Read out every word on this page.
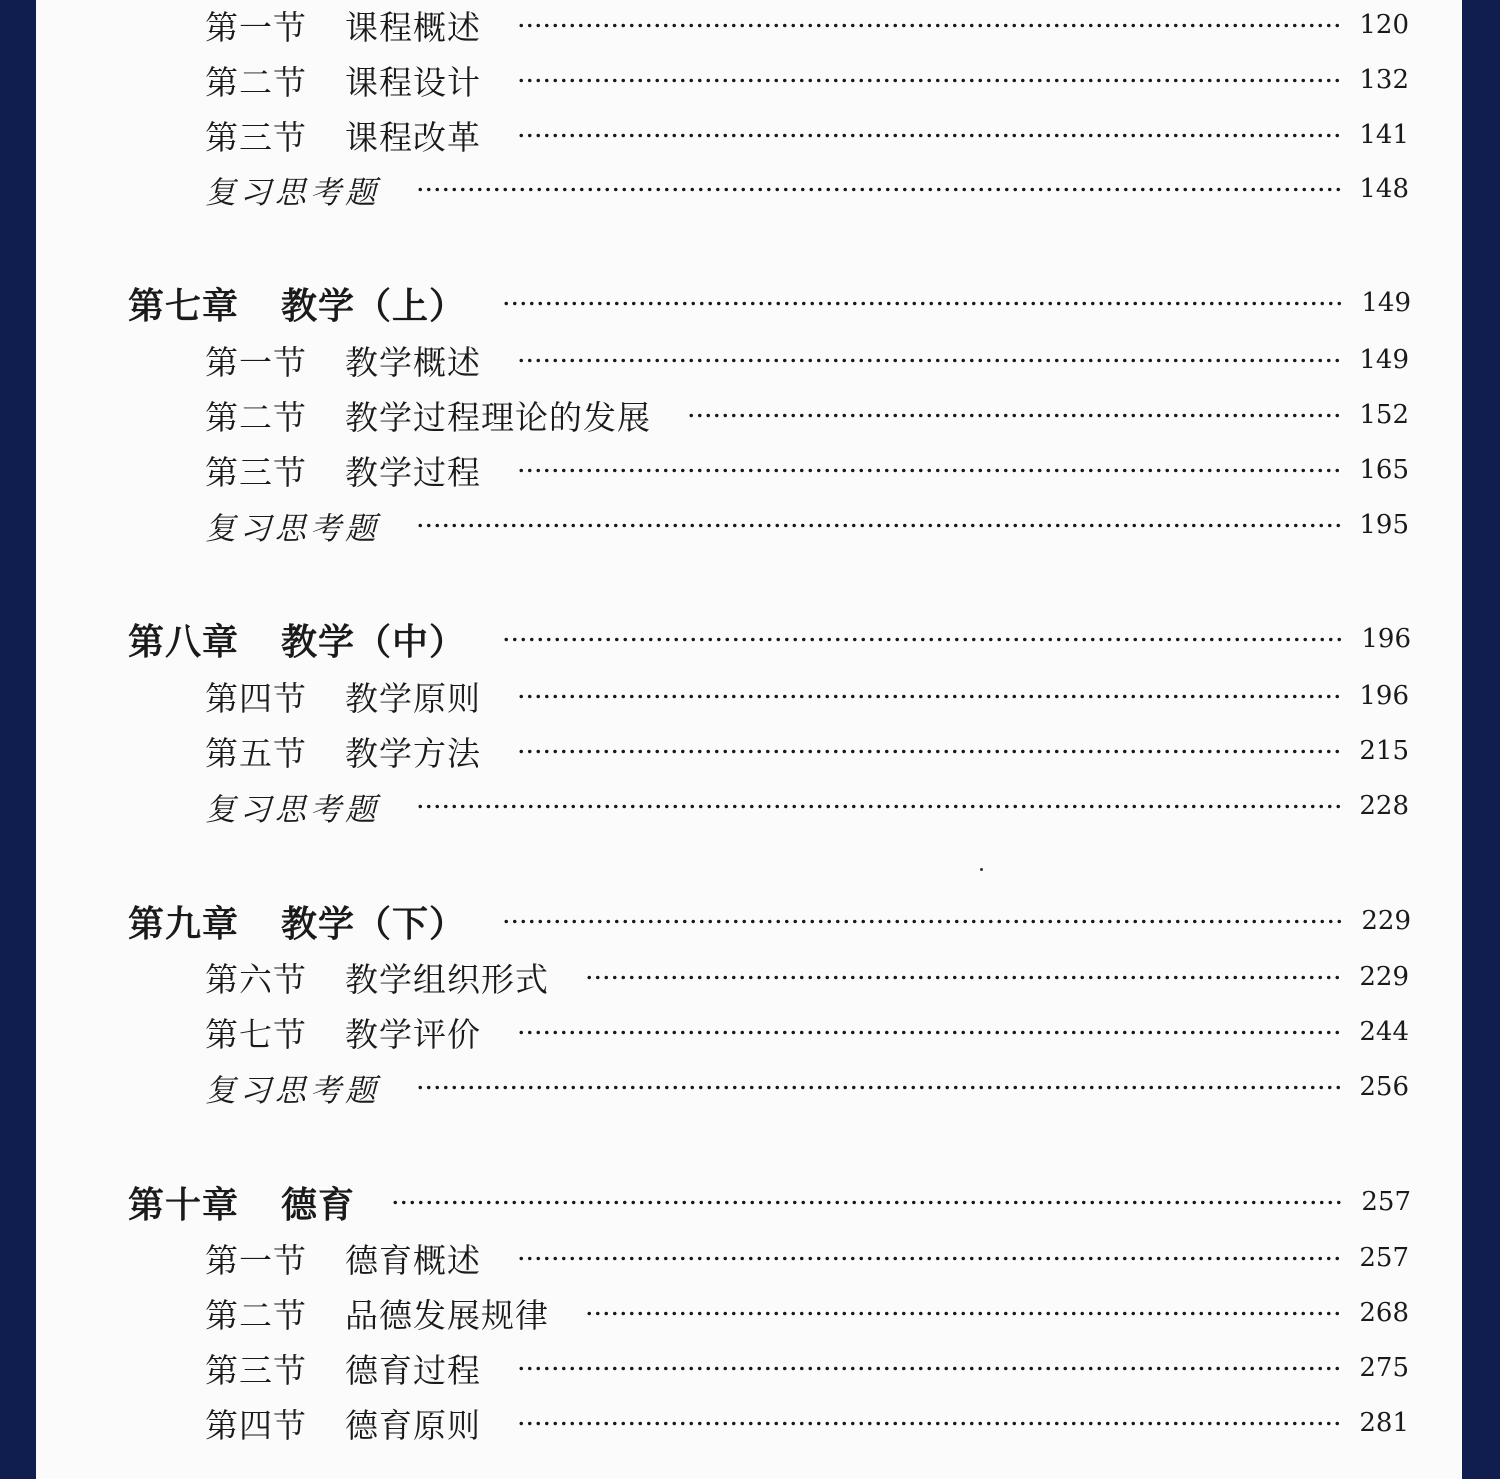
第一节 课程概述	120
第二节 课程设计	132
第三节 课程改革	141
复习思考题	148
第七章 教学（上）	149
第一节 教学概述	149
第二节 教学过程理论的发展	152
第三节 教学过程	165
复习思考题	195
第八章 教学（中）	196
第四节 教学原则	196
第五节 教学方法	215
复习思考题	228
第九章 教学（下）	229
第六节 教学组织形式	229
第七节 教学评价	244
复习思考题	256
第十章 德育	257
第一节 德育概述	257
第二节 品德发展规律	268
第三节 德育过程	275
第四节 德育原则	281
